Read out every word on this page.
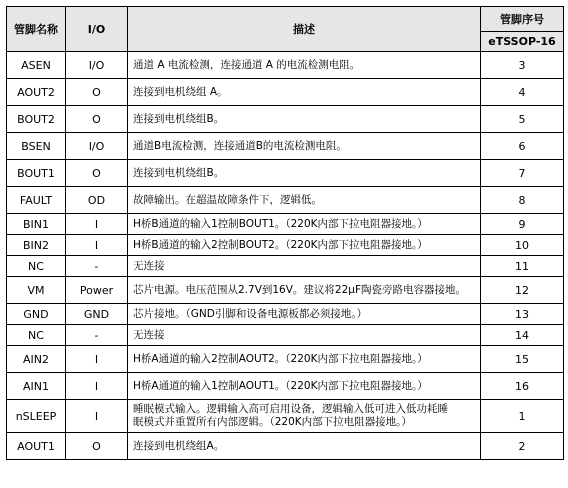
管脚名称	I/O	描述	管脚序号
			eTSSOP-16
ASEN	I/O	通道 A 电流检测，连接通道 A 的电流检测电阻。	3
AOUT2	O	连接到电机绕组 A。	4
BOUT2	O	连接到电机绕组B。	5
BSEN	I/O	通道B电流检测，连接通道B的电流检测电阻。	6
BOUT1	O	连接到电机绕组B。	7
FAULT	OD	故障输出。在超温故障条件下，逻辑低。	8
BIN1	I	H桥B通道的输入1控制BOUT1。（220K内部下拉电阻器接地。）	9
BIN2	I	H桥B通道的输入2控制BOUT2。（220K内部下拉电阻器接地。）	10
NC	-	无连接	11
VM	Power	芯片电源。电压范围从2.7V到16V。建议将22μF陶瓷旁路电容器接地。	12
GND	GND	芯片接地。（GND引脚和设备电源板都必须接地。）	13
NC	-	无连接	14
AIN2	I	H桥A通道的输入2控制AOUT2。（220K内部下拉电阻器接地。）	15
AIN1	I	H桥A通道的输入1控制AOUT1。（220K内部下拉电阻器接地。）	16
nSLEEP	I	睡眠模式输入。逻辑输入高可启用设备，逻辑输入低可进入低功耗睡
眠模式并重置所有内部逻辑。（220K内部下拉电阻器接地。）	1
AOUT1	O	连接到电机绕组A。	2
